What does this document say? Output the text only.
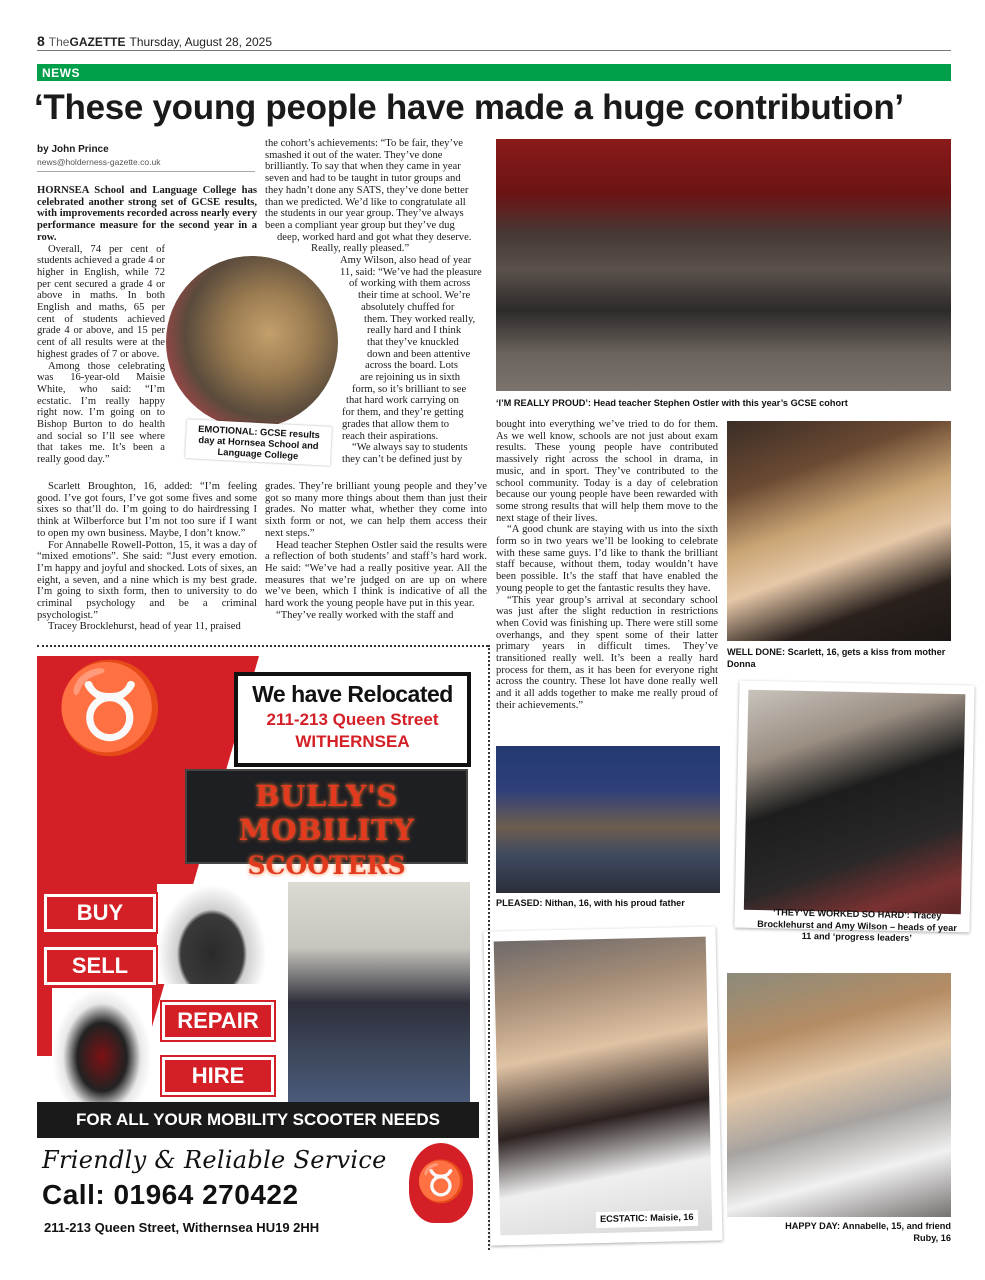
8 TheGAZETTE Thursday, August 28, 2025
NEWS
‘These young people have made a huge contribution’
by John Prince
news@holderness-gazette.co.uk

HORNSEA School and Language College has celebrated another strong set of GCSE results, with improvements recorded across nearly every performance measure for the second year in a row.

Overall, 74 per cent of students achieved a grade 4 or higher in English, while 72 per cent secured a grade 4 or above in maths. In both English and maths, 65 per cent of students achieved grade 4 or above, and 15 per cent of all results were at the highest grades of 7 or above.

Among those celebrating was 16-year-old Maisie White, who said: “I’m ecstatic. I’m really happy right now. I’m going on to Bishop Burton to do health and social so I’ll see where that takes me. It’s been a really good day.”

Scarlett Broughton, 16, added: “I’m feeling good. I’ve got fours, I’ve got some fives and some sixes so that’ll do. I’m going to do hairdressing I think at Wilberforce but I’m not too sure if I want to open my own business. Maybe, I don’t know.”

For Annabelle Rowell-Potton, 15, it was a day of “mixed emotions”. She said: “Just every emotion. I’m happy and joyful and shocked. Lots of sixes, an eight, a seven, and a nine which is my best grade. I’m going to sixth form, then to university to do criminal psychology and be a criminal psychologist.”

Tracey Brocklehurst, head of year 11, praised

the cohort’s achievements: “To be fair, they’ve
smashed it out of the water. They’ve done
brilliantly. To say that when they came in year
seven and had to be taught in tutor groups and
they hadn’t done any SATS, they’ve done better
than we predicted. We’d like to congratulate all
the students in our year group. They’ve always
been a compliant year group but they’ve dug
deep, worked hard and got what they deserve.
Really, really pleased.”
Amy Wilson, also head of year
11, said: “We’ve had the pleasure
of working with them across
their time at school. We’re
absolutely chuffed for
them. They worked really,
really hard and I think
that they’ve knuckled
down and been attentive
across the board. Lots
are rejoining us in sixth
form, so it’s brilliant to see
that hard work carrying on
for them, and they’re getting
grades that allow them to
reach their aspirations.
“We always say to students
they can’t be defined just by

grades. They’re brilliant young people and they’ve got so many more things about them than just their grades. No matter what, whether they come into sixth form or not, we can help them access their next steps.”

Head teacher Stephen Ostler said the results were a reflection of both students’ and staff’s hard work. He said: “We’ve had a really positive year. All the measures that we’re judged on are up on where we’ve been, which I think is indicative of all the hard work the young people have put in this year.

“They’ve really worked with the staff and

bought into everything we’ve tried to do for them. As we well know, schools are not just about exam results. These young people have contributed massively right across the school in drama, in music, and in sport. They’ve contributed to the school community. Today is a day of celebration because our young people have been rewarded with some strong results that will help them move to the next stage of their lives.

“A good chunk are staying with us into the sixth form so in two years we’ll be looking to celebrate with these same guys. I’d like to thank the brilliant staff because, without them, today wouldn’t have been possible. It’s the staff that have enabled the young people to get the fantastic results they have.

“This year group’s arrival at secondary school was just after the slight reduction in restrictions when Covid was finishing up. There were still some overhangs, and they spent some of their latter primary years in difficult times. They’ve transitioned really well. It’s been a really hard process for them, as it has been for everyone right across the country. These lot have done really well and it all adds together to make me really proud of their achievements.”

EMOTIONAL: GCSE results day at Hornsea School and Language College
‘I’M REALLY PROUD’: Head teacher Stephen Ostler with this year’s GCSE cohort
WELL DONE: Scarlett, 16, gets a kiss from mother Donna
PLEASED: Nithan, 16, with his proud father
‘THEY’VE WORKED SO HARD’: Tracey Brocklehurst and Amy Wilson – heads of year 11 and ‘progress leaders’
ECSTATIC: Maisie, 16
HAPPY DAY: Annabelle, 15, and friend Ruby, 16
♉	We have Relocated
211-213 Queen Street
WITHERNSEA
BULLY'S MOBILITY
SCOOTERS
BUY
SELL
REPAIR
HIRE
FOR ALL YOUR MOBILITY SCOOTER NEEDS
Friendly & Reliable Service
Call: 01964 270422
211-213 Queen Street, Withernsea HU19 2HH
♉
